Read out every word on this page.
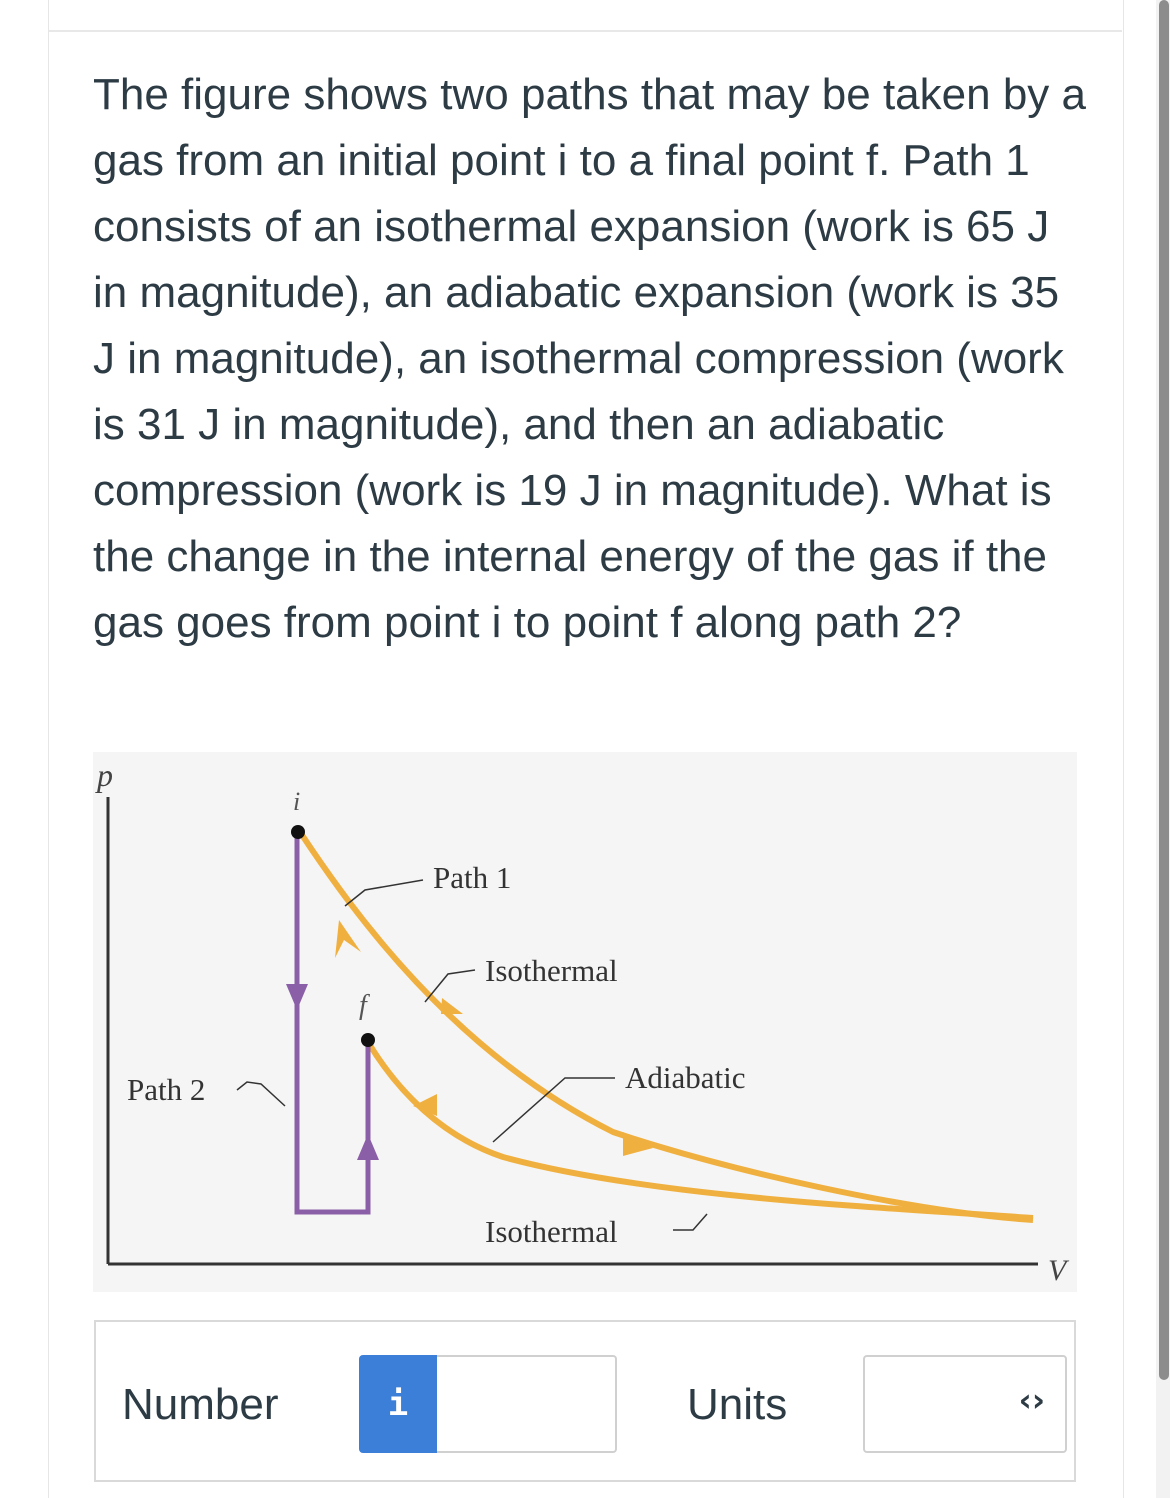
The figure shows two paths that may be taken by a gas from an initial point i to a final point f. Path 1 consists of an isothermal expansion (work is 65 J in magnitude), an adiabatic expansion (work is 35 J in magnitude), an isothermal compression (work is 31 J in magnitude), and then an adiabatic compression (work is 19 J in magnitude). What is the change in the internal energy of the gas if the gas goes from point i to point f along path 2?

p
V
i
f
Path 1
Isothermal
Adiabatic
Isothermal
Path 2
Number	i	Units	‹›
